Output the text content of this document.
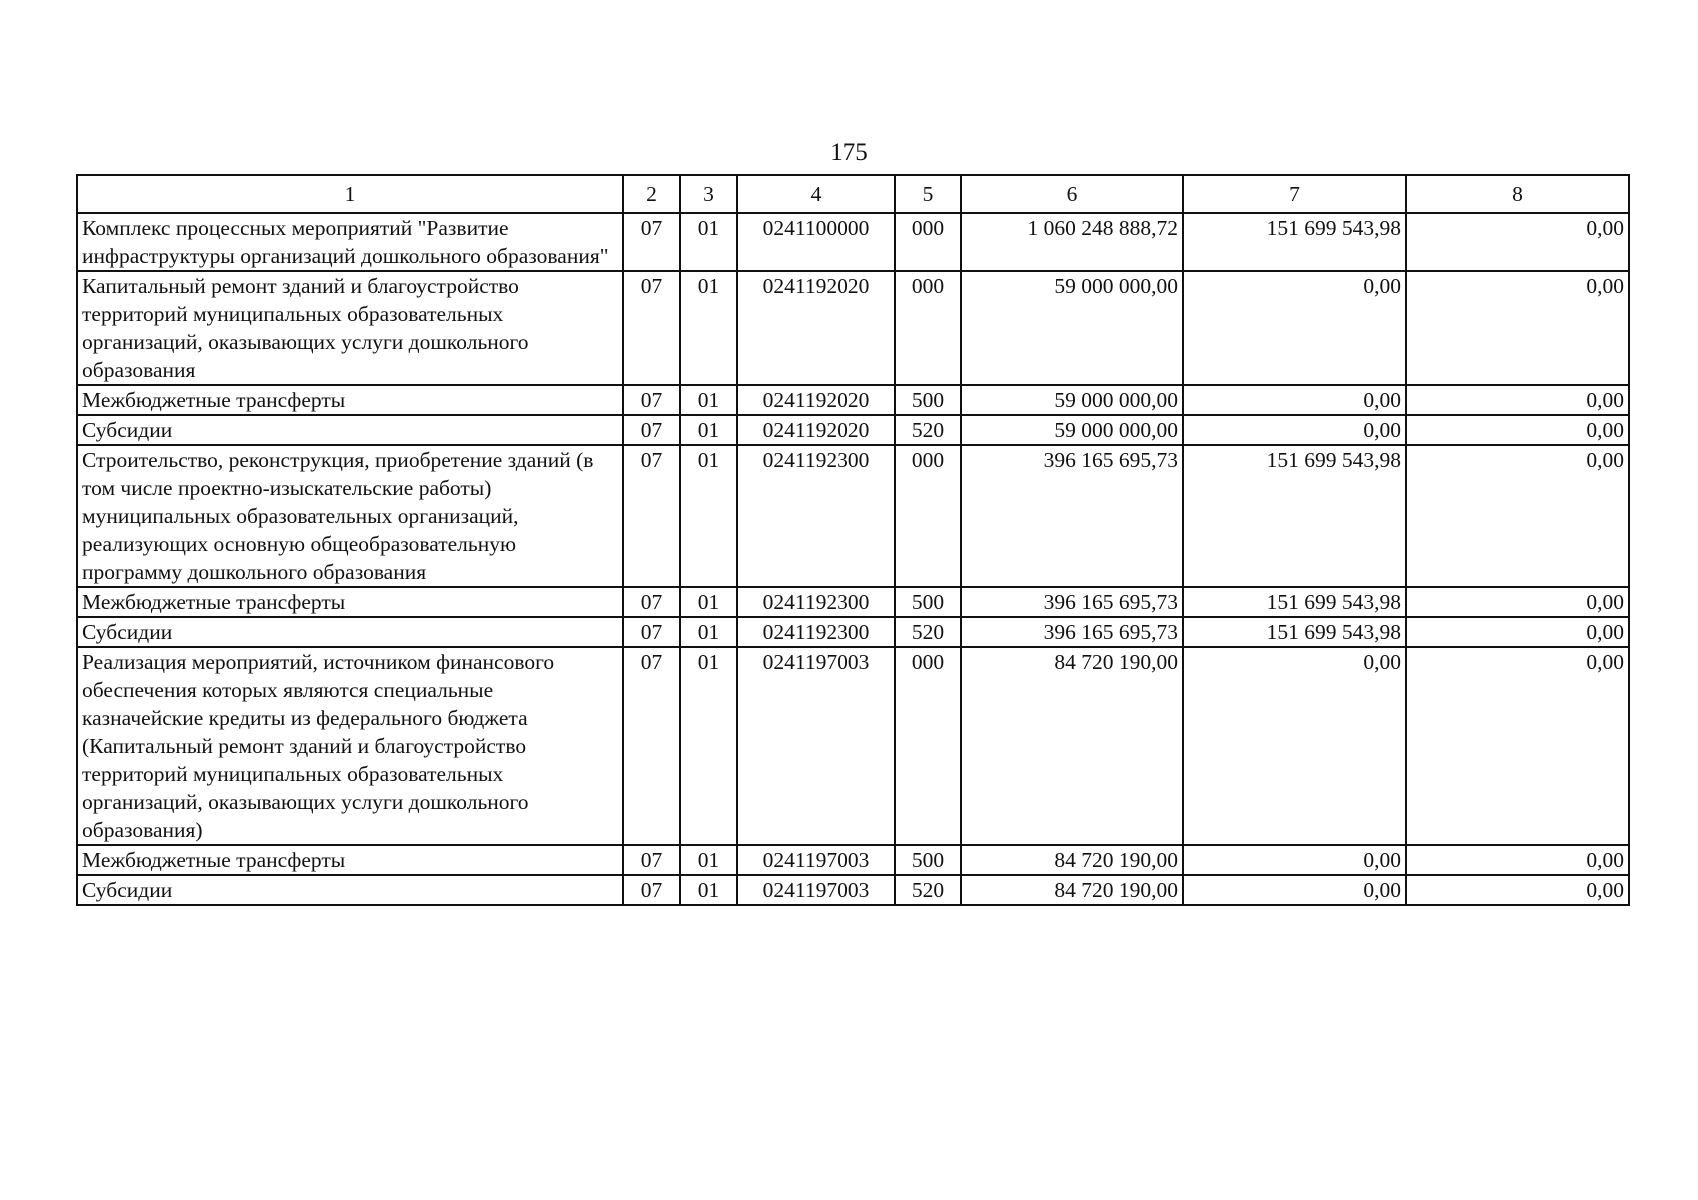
175
1	2	3	4	5	6	7	8
Комплекс процессных мероприятий "Развитие инфраструктуры организаций дошкольного образования"	07	01	0241100000	000	1 060 248 888,72	151 699 543,98	0,00
Капитальный ремонт зданий и благоустройство территорий муниципальных образовательных организаций, оказывающих услуги дошкольного образования	07	01	0241192020	000	59 000 000,00	0,00	0,00
Межбюджетные трансферты	07	01	0241192020	500	59 000 000,00	0,00	0,00
Субсидии	07	01	0241192020	520	59 000 000,00	0,00	0,00
Строительство, реконструкция, приобретение зданий (в том числе проектно-изыскательские работы) муниципальных образовательных организаций, реализующих основную общеобразовательную программу дошкольного образования	07	01	0241192300	000	396 165 695,73	151 699 543,98	0,00
Межбюджетные трансферты	07	01	0241192300	500	396 165 695,73	151 699 543,98	0,00
Субсидии	07	01	0241192300	520	396 165 695,73	151 699 543,98	0,00
Реализация мероприятий, источником финансового обеспечения которых являются специальные казначейские кредиты из федерального бюджета (Капитальный ремонт зданий и благоустройство территорий муниципальных образовательных организаций, оказывающих услуги дошкольного образования)	07	01	0241197003	000	84 720 190,00	0,00	0,00
Межбюджетные трансферты	07	01	0241197003	500	84 720 190,00	0,00	0,00
Субсидии	07	01	0241197003	520	84 720 190,00	0,00	0,00
